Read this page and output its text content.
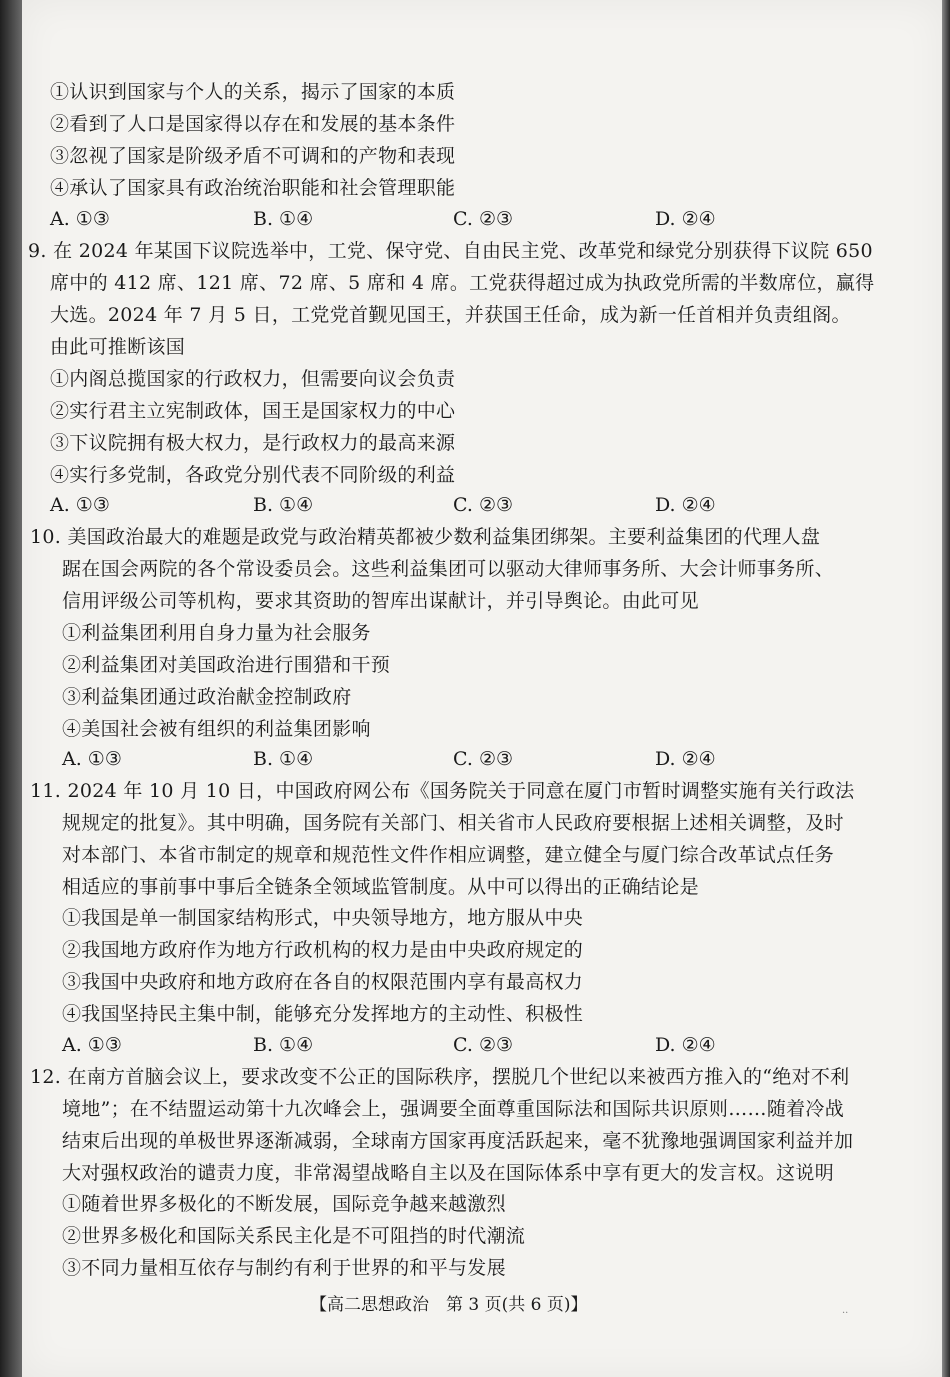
①认识到国家与个人的关系，揭示了国家的本质
②看到了人口是国家得以存在和发展的基本条件
③忽视了国家是阶级矛盾不可调和的产物和表现
④承认了国家具有政治统治职能和社会管理职能
A. ①③	B. ①④	C. ②③	D. ②④
9. 在 2024 年某国下议院选举中，工党、保守党、自由民主党、改革党和绿党分别获得下议院 650
席中的 412 席、121 席、72 席、5 席和 4 席。工党获得超过成为执政党所需的半数席位，赢得
大选。2024 年 7 月 5 日，工党党首觐见国王，并获国王任命，成为新一任首相并负责组阁。
由此可推断该国
①内阁总揽国家的行政权力，但需要向议会负责
②实行君主立宪制政体，国王是国家权力的中心
③下议院拥有极大权力，是行政权力的最高来源
④实行多党制，各政党分别代表不同阶级的利益
A. ①③	B. ①④	C. ②③	D. ②④
10. 美国政治最大的难题是政党与政治精英都被少数利益集团绑架。主要利益集团的代理人盘
踞在国会两院的各个常设委员会。这些利益集团可以驱动大律师事务所、大会计师事务所、
信用评级公司等机构，要求其资助的智库出谋献计，并引导舆论。由此可见
①利益集团利用自身力量为社会服务
②利益集团对美国政治进行围猎和干预
③利益集团通过政治献金控制政府
④美国社会被有组织的利益集团影响
A. ①③	B. ①④	C. ②③	D. ②④
11. 2024 年 10 月 10 日，中国政府网公布《国务院关于同意在厦门市暂时调整实施有关行政法
规规定的批复》。其中明确，国务院有关部门、相关省市人民政府要根据上述相关调整，及时
对本部门、本省市制定的规章和规范性文件作相应调整，建立健全与厦门综合改革试点任务
相适应的事前事中事后全链条全领域监管制度。从中可以得出的正确结论是
①我国是单一制国家结构形式，中央领导地方，地方服从中央
②我国地方政府作为地方行政机构的权力是由中央政府规定的
③我国中央政府和地方政府在各自的权限范围内享有最高权力
④我国坚持民主集中制，能够充分发挥地方的主动性、积极性
A. ①③	B. ①④	C. ②③	D. ②④
12. 在南方首脑会议上，要求改变不公正的国际秩序，摆脱几个世纪以来被西方推入的“绝对不利
境地”；在不结盟运动第十九次峰会上，强调要全面尊重国际法和国际共识原则……随着冷战
结束后出现的单极世界逐渐减弱，全球南方国家再度活跃起来，毫不犹豫地强调国家利益并加
大对强权政治的谴责力度，非常渴望战略自主以及在国际体系中享有更大的发言权。这说明
①随着世界多极化的不断发展，国际竞争越来越激烈
②世界多极化和国际关系民主化是不可阻挡的时代潮流
③不同力量相互依存与制约有利于世界的和平与发展
【高二思想政治　第 3 页(共 6 页)】	··
